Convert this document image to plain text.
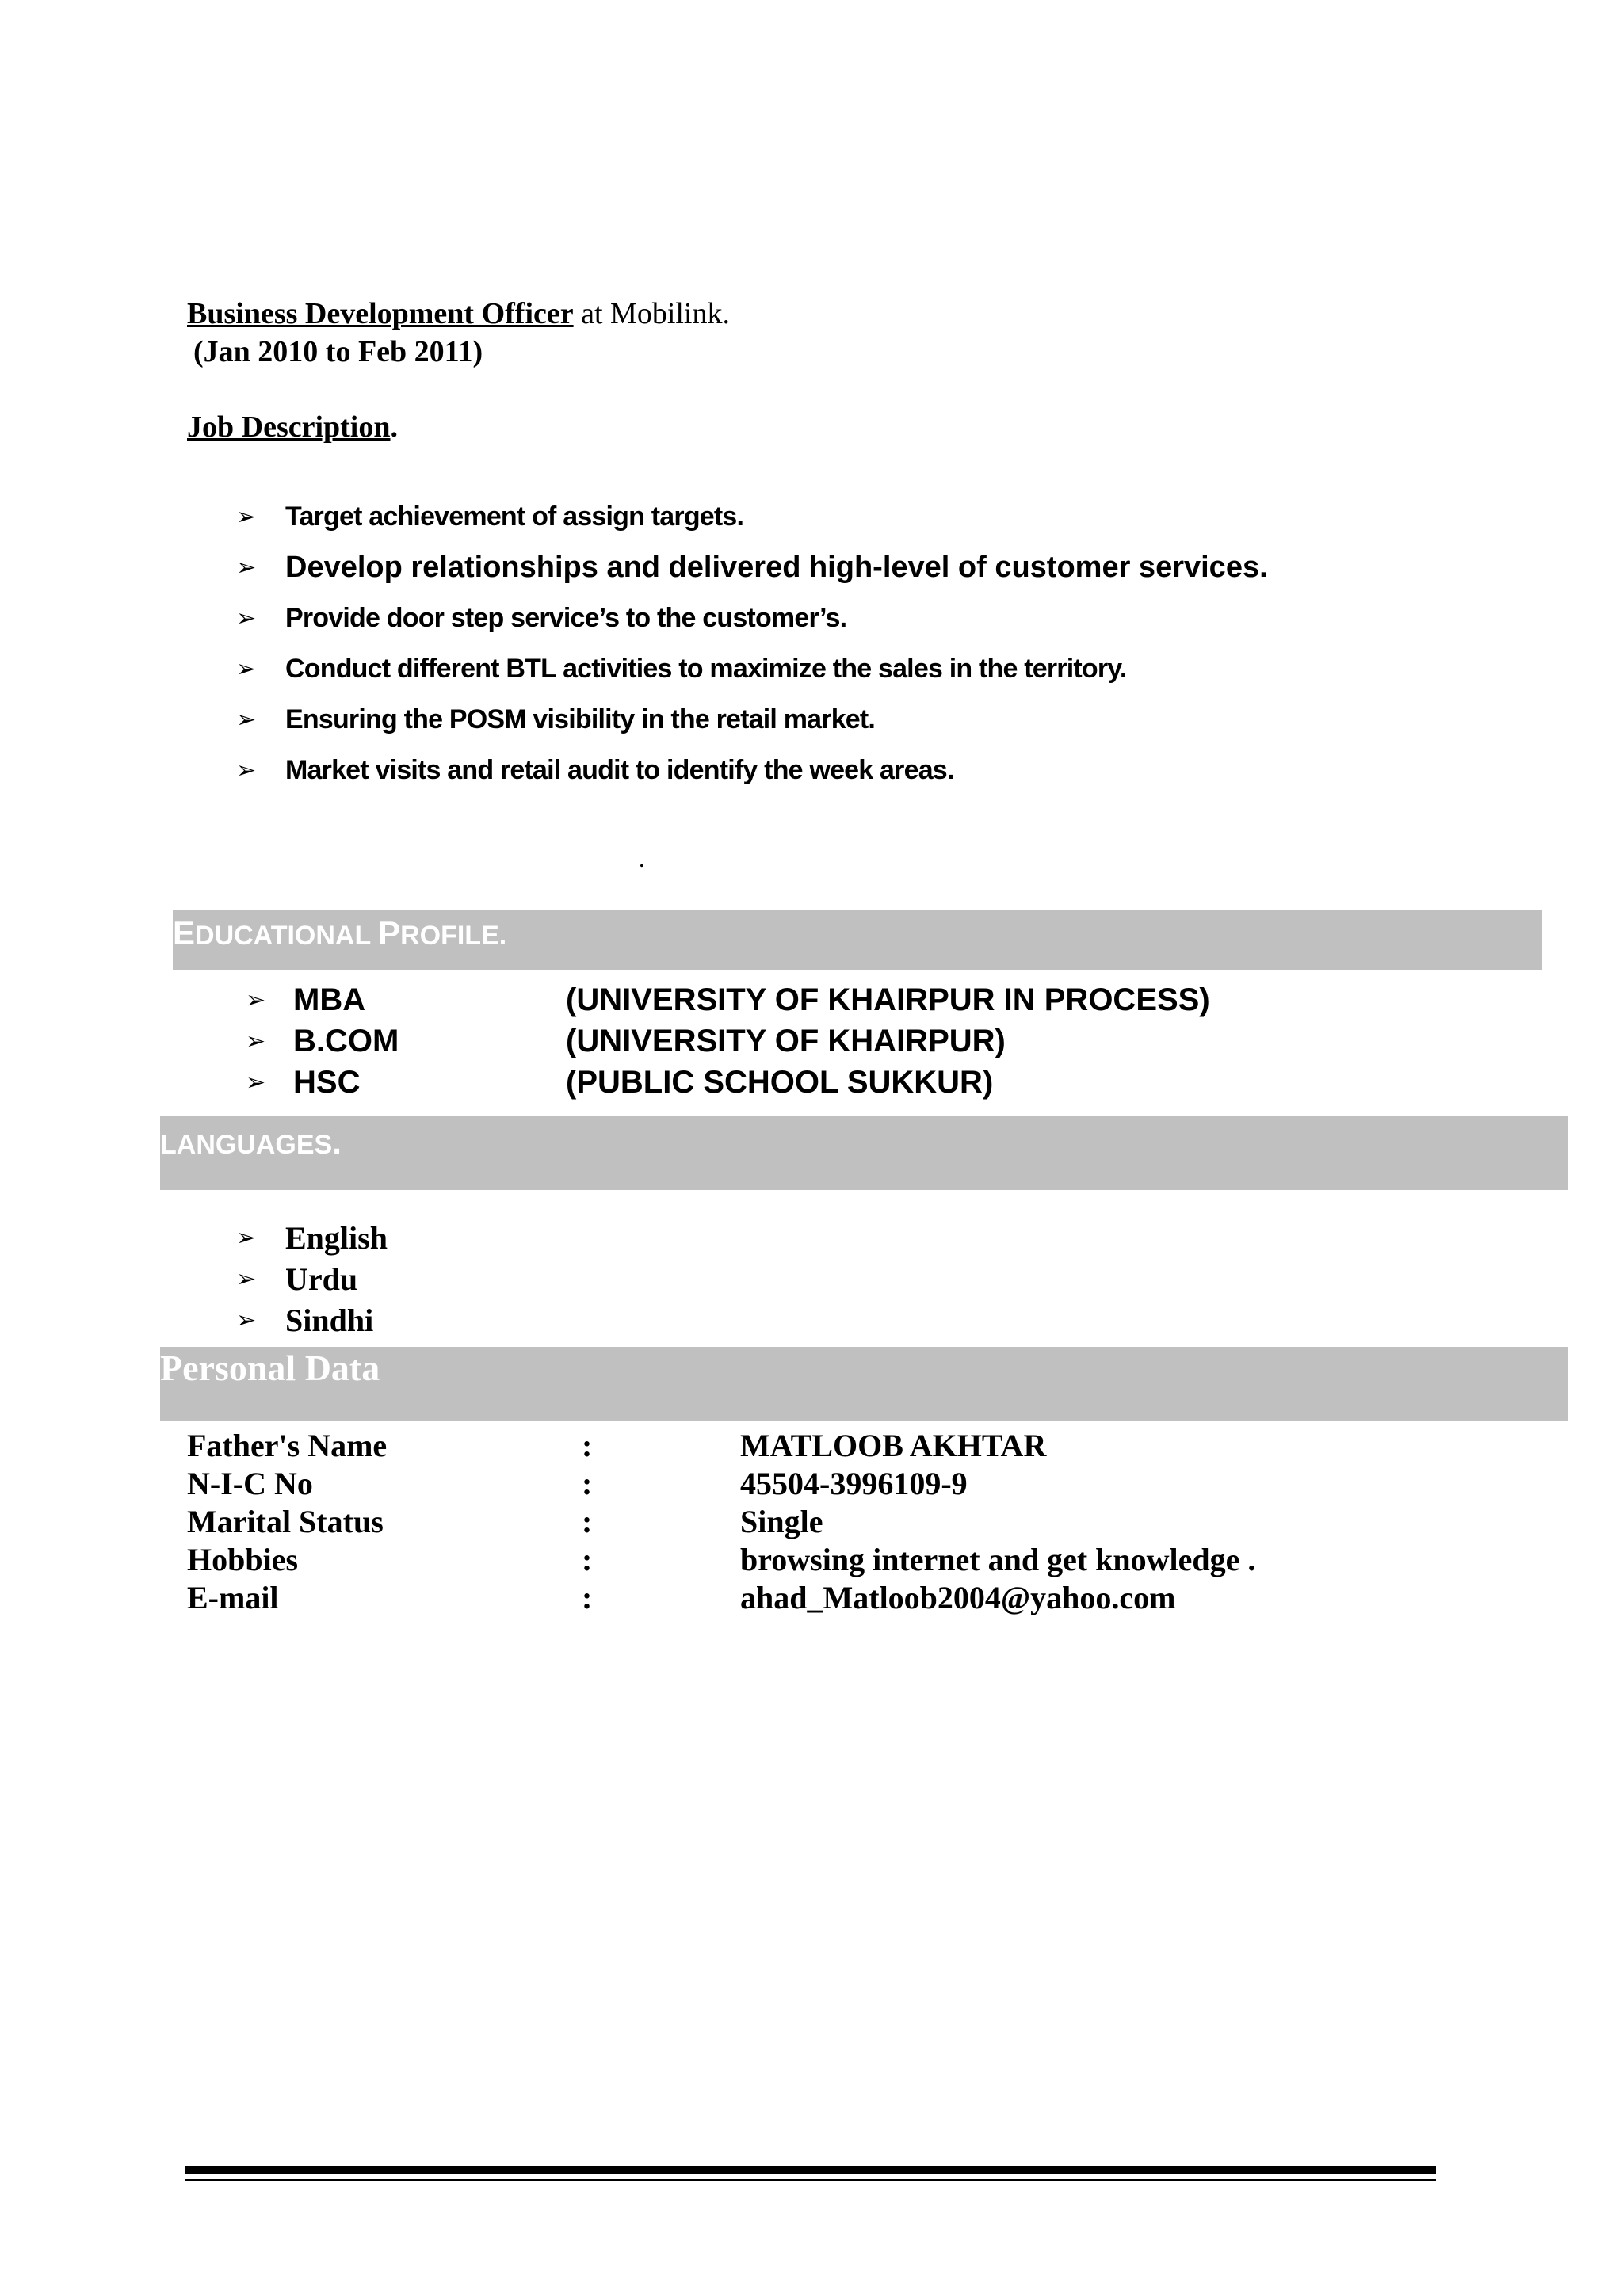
Business Development Officer at Mobilink.
(Jan 2010 to Feb 2011)
Job Description.
➢	Target achievement of assign targets.
➢ Develop relationships and delivered high-level of customer services.
➢	Provide door step service’s to the customer’s.
➢	Conduct different BTL activities to maximize the sales in the territory.
➢	Ensuring the POSM visibility in the retail market.
➢	Market visits and retail audit to identify the week areas.
.
EDUCATIONAL PROFILE.
➢ MBA	(UNIVERSITY OF KHAIRPUR IN PROCESS)
➢ B.COM	(UNIVERSITY OF KHAIRPUR)
➢ HSC	(PUBLIC SCHOOL SUKKUR)
LANGUAGES.
➢ English
➢ Urdu
➢ Sindhi
Personal Data
Father's Name	:	MATLOOB AKHTAR
N-I-C No	:	45504-3996109-9
Marital Status	:	Single
Hobbies	:	browsing internet and get knowledge .
E-mail	:	ahad_Matloob2004@yahoo.com
